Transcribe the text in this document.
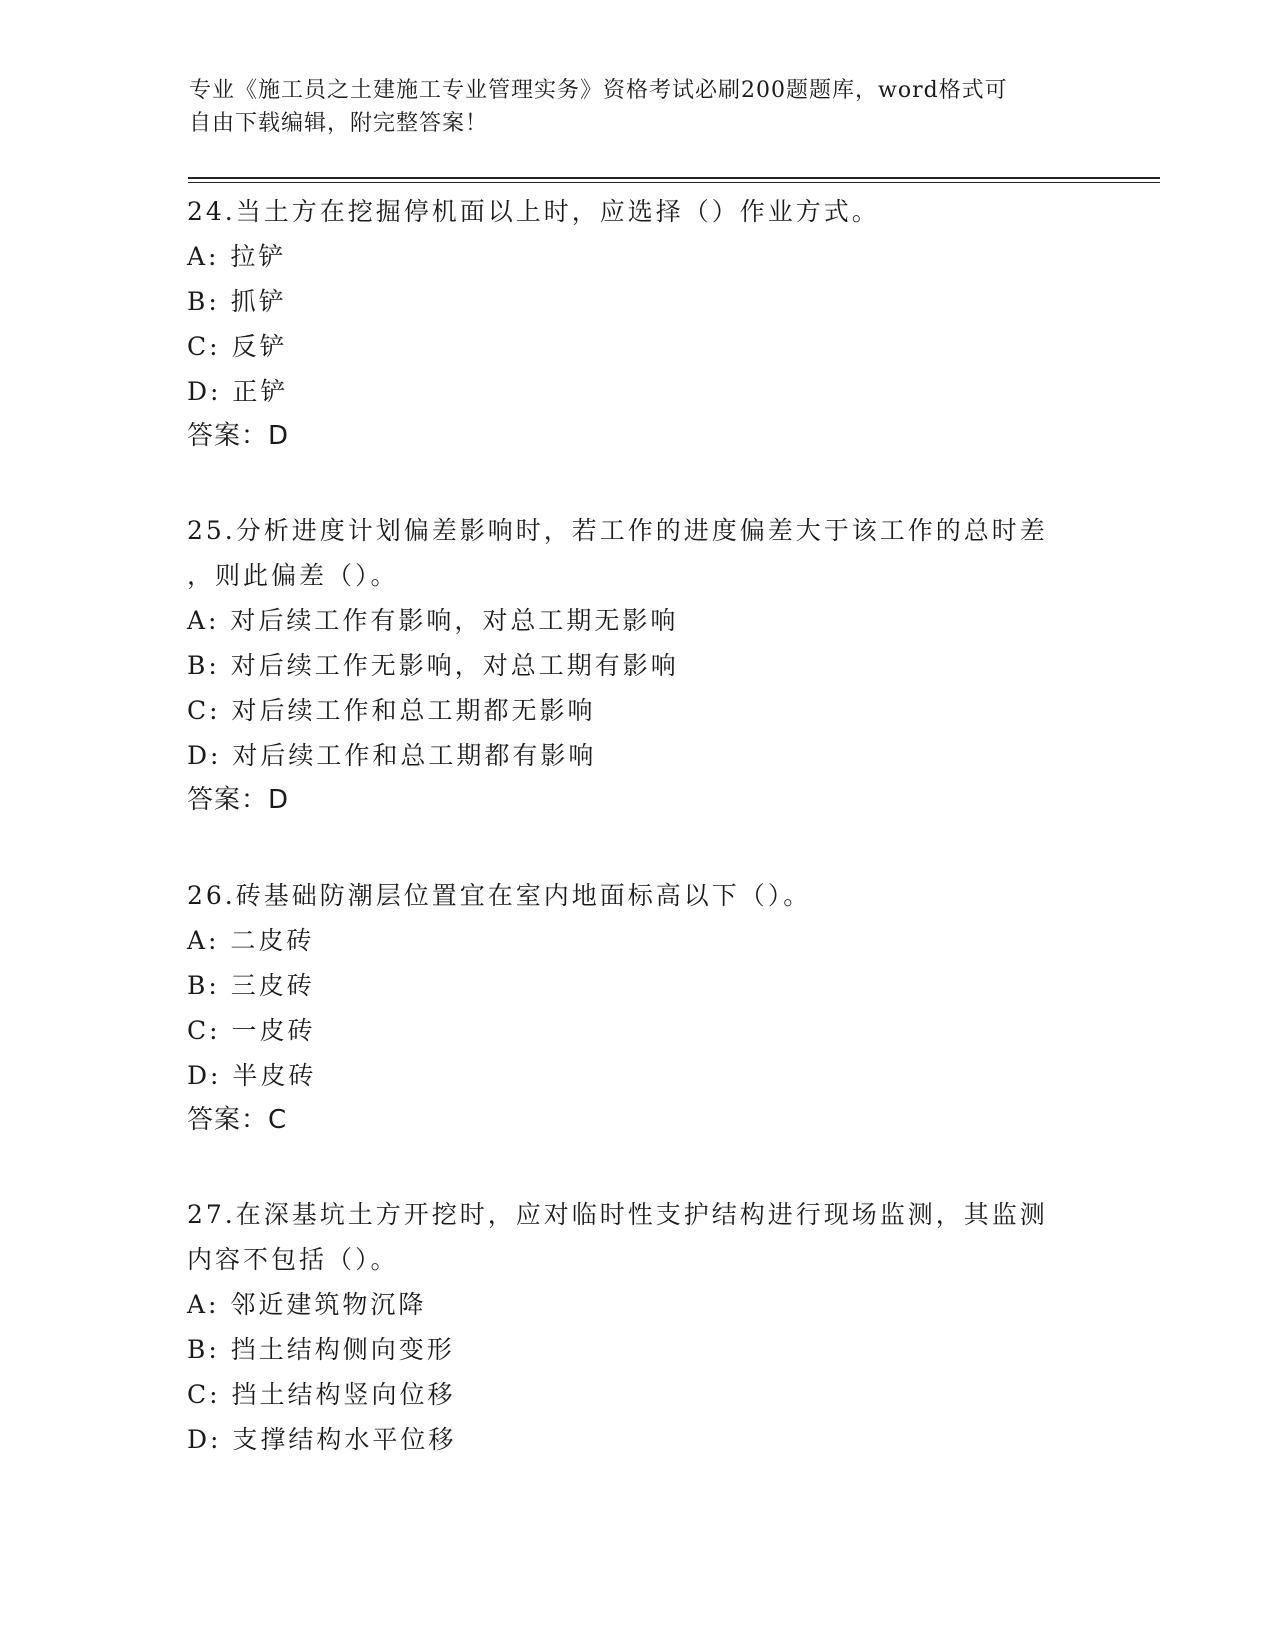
专业《施工员之土建施工专业管理实务》资格考试必刷200题题库，word格式可
自由下载编辑，附完整答案！

24.当土方在挖掘停机面以上时，应选择（）作业方式。

A: 拉铲

B: 抓铲

C: 反铲

D: 正铲

答案：D

25.分析进度计划偏差影响时，若工作的进度偏差大于该工作的总时差

，则此偏差（）。

A: 对后续工作有影响，对总工期无影响

B: 对后续工作无影响，对总工期有影响

C: 对后续工作和总工期都无影响

D: 对后续工作和总工期都有影响

答案：D

26.砖基础防潮层位置宜在室内地面标高以下（）。

A: 二皮砖

B: 三皮砖

C: 一皮砖

D: 半皮砖

答案：C

27.在深基坑土方开挖时，应对临时性支护结构进行现场监测，其监测

内容不包括（）。

A: 邻近建筑物沉降

B: 挡土结构侧向变形

C: 挡土结构竖向位移

D: 支撑结构水平位移
